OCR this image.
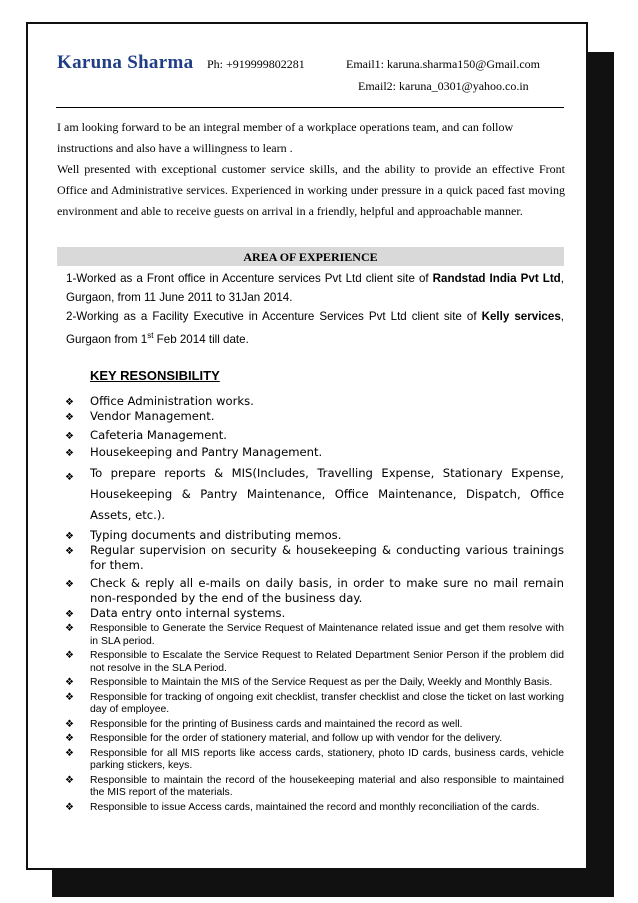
Karuna Sharma Ph: +919999802281	Email1: karuna.sharma150@Gmail.com
Email2: karuna_0301@yahoo.co.in

I am looking forward to be an integral member of a workplace operations team, and can follow

instructions and also have a willingness to learn .

Well presented with exceptional customer service skills, and the ability to provide an effective Front Office and Administrative services. Experienced in working under pressure in a quick paced fast moving environment and able to receive guests on arrival in a friendly, helpful and approachable manner.

AREA OF EXPERIENCE

1-Worked as a Front office in Accenture services Pvt Ltd client site of Randstad India Pvt Ltd, Gurgaon, from 11 June 2011 to 31Jan 2014.

2-Working as a Facility Executive in Accenture Services Pvt Ltd client site of Kelly services, Gurgaon from 1st Feb 2014 till date.

KEY RESONSIBILITY
❖ Office Administration works.
❖ Vendor Management.
❖ Cafeteria Management.
❖ Housekeeping and Pantry Management.
❖ To prepare reports & MIS(Includes, Travelling Expense, Stationary Expense, Housekeeping & Pantry Maintenance, Office Maintenance, Dispatch, Office Assets, etc.).
❖ Typing documents and distributing memos.
❖ Regular supervision on security & housekeeping & conducting various trainings for them.
❖ Check & reply all e-mails on daily basis, in order to make sure no mail remain non-responded by the end of the business day.
❖ Data entry onto internal systems.
❖ Responsible to Generate the Service Request of Maintenance related issue and get them resolve with in SLA period.
❖ Responsible to Escalate the Service Request to Related Department Senior Person if the problem did not resolve in the SLA Period.
❖ Responsible to Maintain the MIS of the Service Request as per the Daily, Weekly and Monthly Basis.
❖ Responsible for tracking of ongoing exit checklist, transfer checklist and close the ticket on last working day of employee.
❖ Responsible for the printing of Business cards and maintained the record as well.
❖ Responsible for the order of stationery material, and follow up with vendor for the delivery.
❖ Responsible for all MIS reports like access cards, stationery, photo ID cards, business cards, vehicle parking stickers, keys.
❖ Responsible to maintain the record of the housekeeping material and also responsible to maintained the MIS report of the materials.
❖ Responsible to issue Access cards, maintained the record and monthly reconciliation of the cards.
